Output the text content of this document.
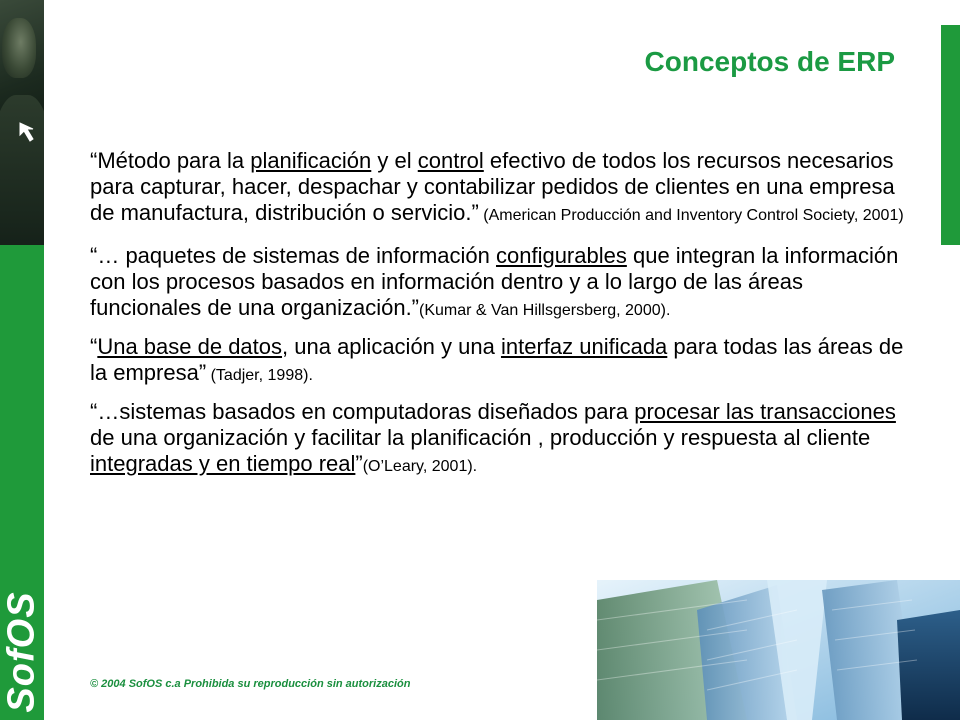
SofOS
Conceptos de ERP

“Método para la planificación y el control efectivo de todos los recursos necesarios para capturar, hacer, despachar y contabilizar pedidos de clientes en una empresa de manufactura, distribución o servicio.” (American Producción and Inventory Control Society, 2001)

“… paquetes de sistemas de información configurables que integran la información con los procesos basados en información dentro y a lo largo de las áreas funcionales de una organización.”(Kumar & Van Hillsgersberg, 2000).

“Una base de datos, una aplicación y una interfaz unificada para todas las áreas de la empresa” (Tadjer, 1998).

“…sistemas basados en computadoras diseñados para procesar las transacciones de una organización y facilitar la planificación , producción y respuesta al cliente integradas y en tiempo real”(O’Leary, 2001).

© 2004 SofOS c.a Prohibida su reproducción sin autorización
